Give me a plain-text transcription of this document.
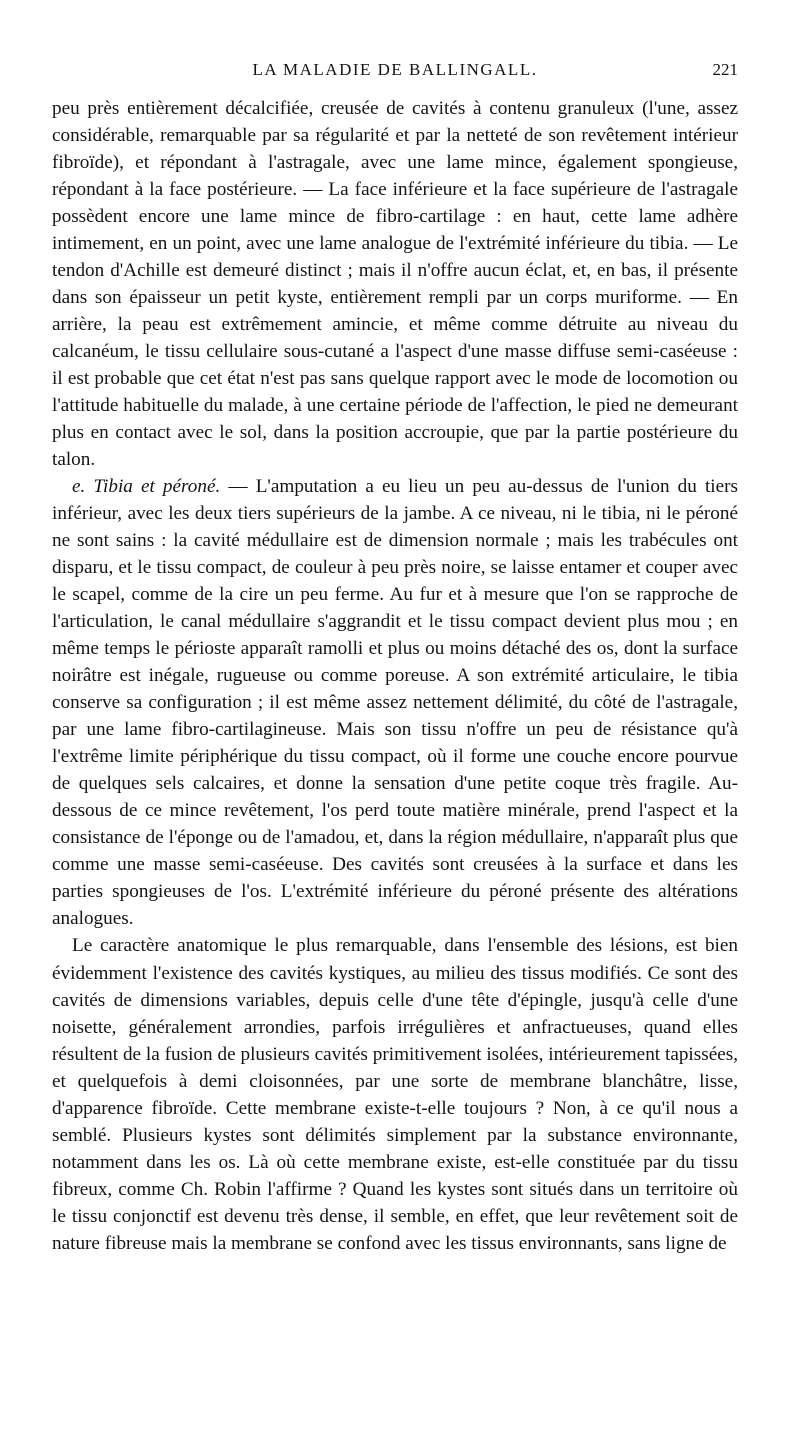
LA MALADIE DE BALLINGALL.	221

peu près entièrement décalcifiée, creusée de cavités à contenu granuleux (l'une, assez considérable, remarquable par sa régularité et par la netteté de son revêtement intérieur fibroïde), et répondant à l'astragale, avec une lame mince, également spongieuse, répondant à la face postérieure. — La face inférieure et la face supérieure de l'astragale possèdent encore une lame mince de fibro-cartilage : en haut, cette lame adhère intimement, en un point, avec une lame analogue de l'extrémité inférieure du tibia. — Le tendon d'Achille est demeuré distinct ; mais il n'offre aucun éclat, et, en bas, il présente dans son épaisseur un petit kyste, entièrement rempli par un corps muriforme. — En arrière, la peau est extrêmement amincie, et même comme détruite au niveau du calcanéum, le tissu cellulaire sous-cutané a l'aspect d'une masse diffuse semi-caséeuse : il est probable que cet état n'est pas sans quelque rapport avec le mode de locomotion ou l'attitude habituelle du malade, à une certaine période de l'affection, le pied ne demeurant plus en contact avec le sol, dans la position accroupie, que par la partie postérieure du talon.

e. Tibia et péroné. — L'amputation a eu lieu un peu au-dessus de l'union du tiers inférieur, avec les deux tiers supérieurs de la jambe. A ce niveau, ni le tibia, ni le péroné ne sont sains : la cavité médullaire est de dimension normale ; mais les trabécules ont disparu, et le tissu compact, de couleur à peu près noire, se laisse entamer et couper avec le scapel, comme de la cire un peu ferme. Au fur et à mesure que l'on se rapproche de l'articulation, le canal médullaire s'aggrandit et le tissu compact devient plus mou ; en même temps le périoste apparaît ramolli et plus ou moins détaché des os, dont la surface noirâtre est inégale, rugueuse ou comme poreuse. A son extrémité articulaire, le tibia conserve sa configuration ; il est même assez nettement délimité, du côté de l'astragale, par une lame fibro-cartilagineuse. Mais son tissu n'offre un peu de résistance qu'à l'extrême limite périphérique du tissu compact, où il forme une couche encore pourvue de quelques sels calcaires, et donne la sensation d'une petite coque très fragile. Au-dessous de ce mince revêtement, l'os perd toute matière minérale, prend l'aspect et la consistance de l'éponge ou de l'amadou, et, dans la région médullaire, n'apparaît plus que comme une masse semi-caséeuse. Des cavités sont creusées à la surface et dans les parties spongieuses de l'os. L'extrémité inférieure du péroné présente des altérations analogues.

Le caractère anatomique le plus remarquable, dans l'ensemble des lésions, est bien évidemment l'existence des cavités kystiques, au milieu des tissus modifiés. Ce sont des cavités de dimensions variables, depuis celle d'une tête d'épingle, jusqu'à celle d'une noisette, généralement arrondies, parfois irrégulières et anfractueuses, quand elles résultent de la fusion de plusieurs cavités primitivement isolées, intérieurement tapissées, et quelquefois à demi cloisonnées, par une sorte de membrane blanchâtre, lisse, d'apparence fibroïde. Cette membrane existe-t-elle toujours ? Non, à ce qu'il nous a semblé. Plusieurs kystes sont délimités simplement par la substance environnante, notamment dans les os. Là où cette membrane existe, est-elle constituée par du tissu fibreux, comme Ch. Robin l'affirme ? Quand les kystes sont situés dans un territoire où le tissu conjonctif est devenu très dense, il semble, en effet, que leur revêtement soit de nature fibreuse mais la membrane se confond avec les tissus environnants, sans ligne de
